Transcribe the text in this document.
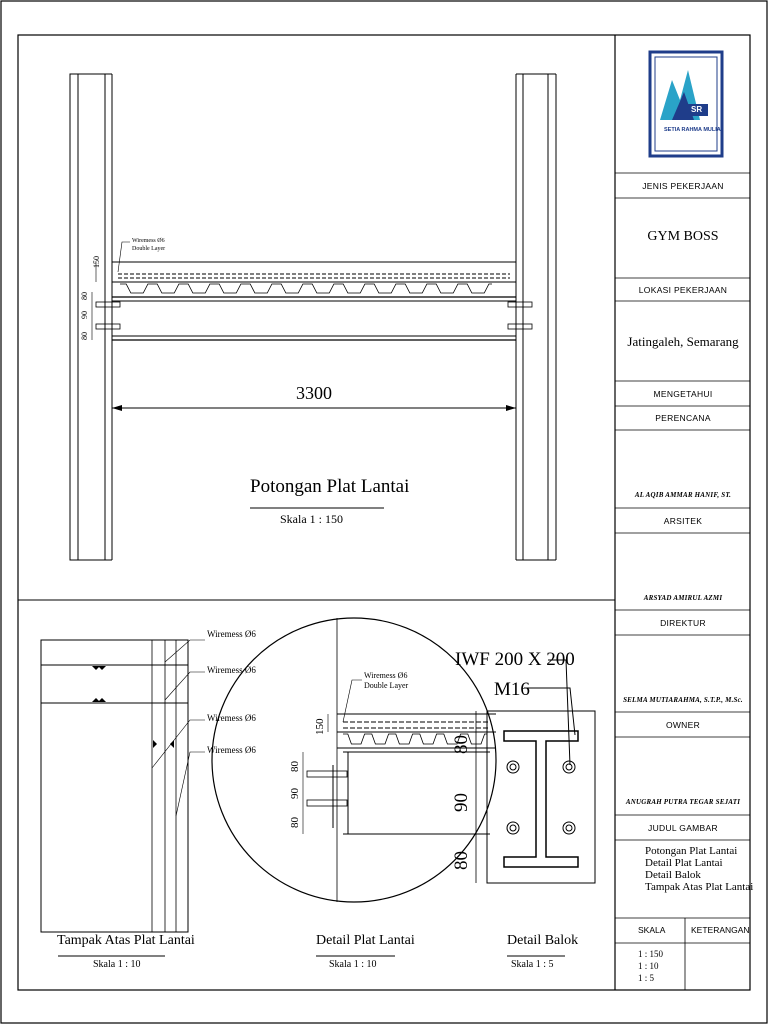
Wiremess Ø6
Double Layer
150
80
90
80
3300
Potongan Plat Lantai
Skala 1 : 150
Wiremess Ø6
Wiremess Ø6
Wiremess Ø6
Wiremess Ø6
Tampak Atas Plat Lantai
Skala 1 : 10
Wiremess Ø6
Double Layer
150
80
90
80
Detail Plat Lantai
Skala 1 : 10
IWF 200 X 200
M16
80
90
80
Detail Balok
Skala 1 : 5
JENIS PEKERJAAN
GYM BOSS
LOKASI PEKERJAAN
Jatingaleh, Semarang
MENGETAHUI
PERENCANA
AL AQIB AMMAR HANIF, ST.
ARSITEK
ARSYAD AMIRUL AZMI
DIREKTUR
SELMA MUTIARAHMA, S.T.P., M.Sc.
OWNER
ANUGRAH PUTRA TEGAR SEJATI
JUDUL GAMBAR
Potongan Plat Lantai
Detail Plat Lantai
Detail Balok
Tampak Atas Plat Lantai
SKALA	KETERANGAN
1 : 150
1 : 10
1 : 5
SETIA RAHMA MULIA
SR
